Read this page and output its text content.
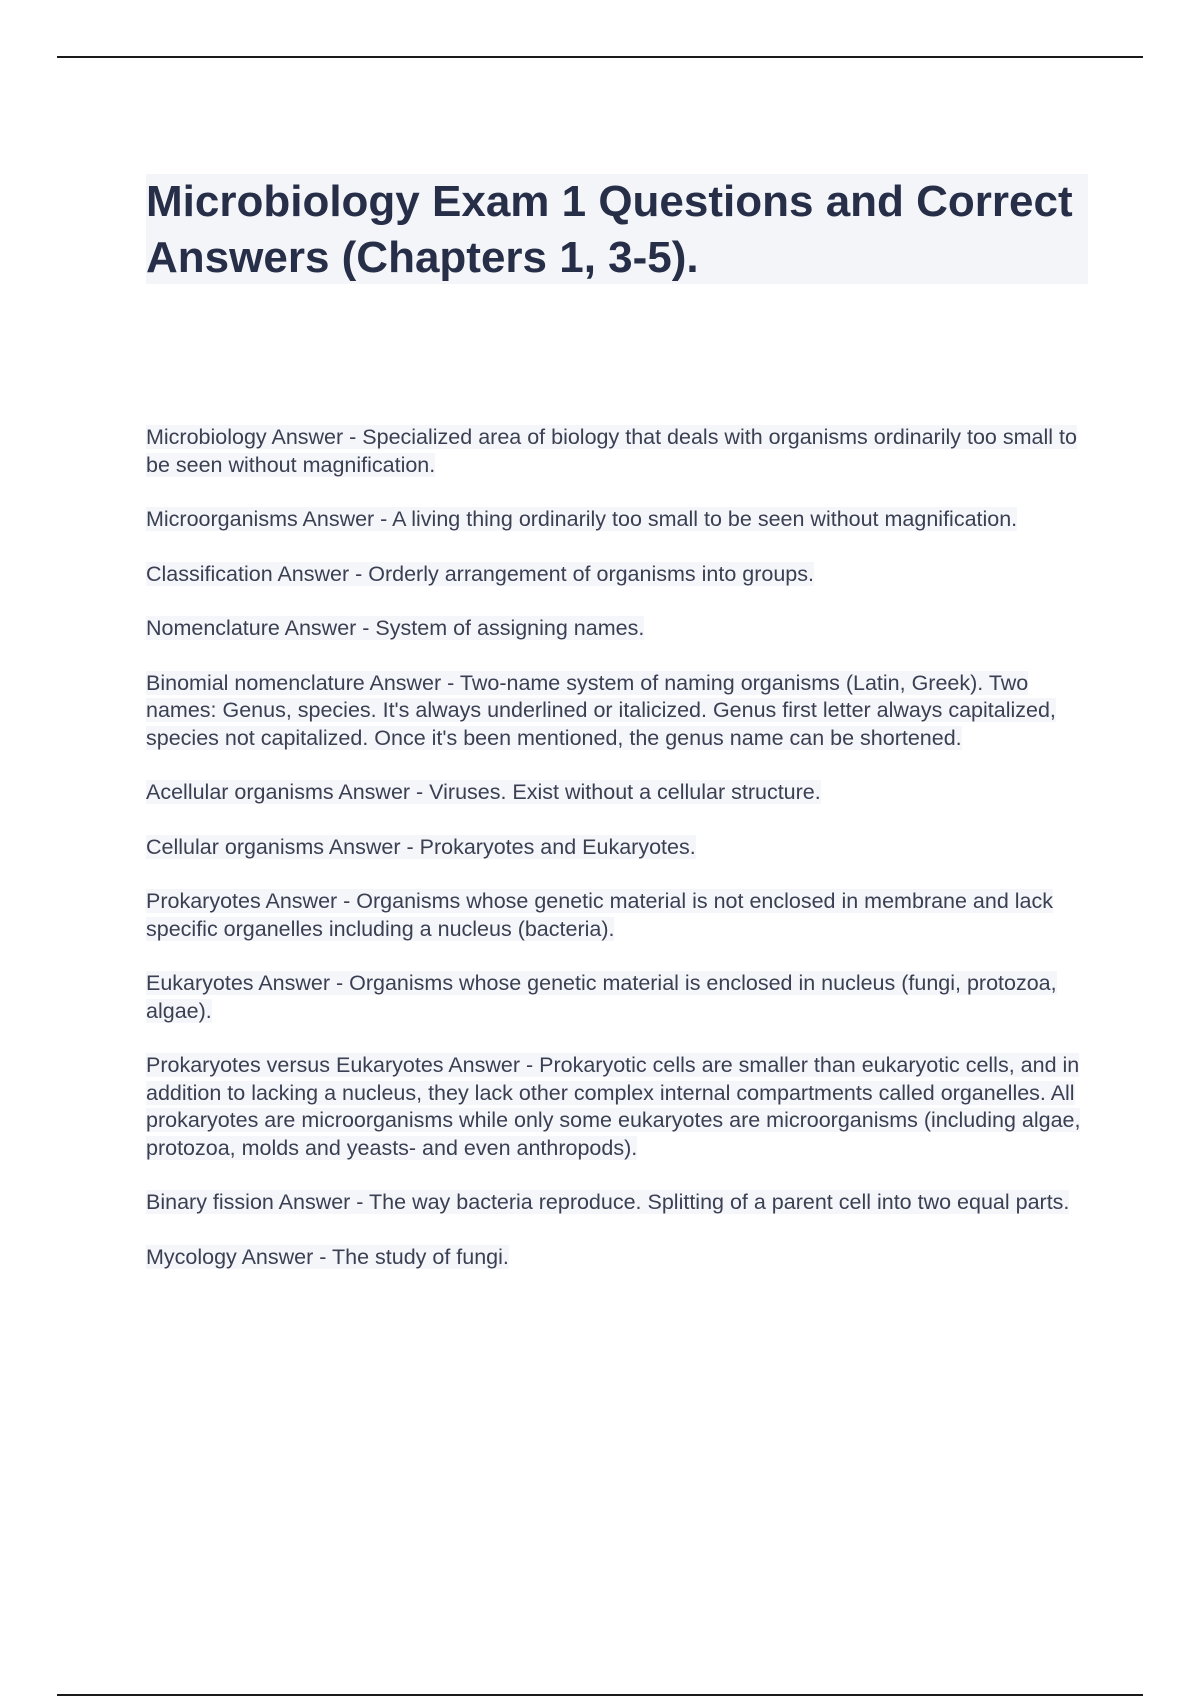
Microbiology Exam 1 Questions and Correct Answers (Chapters 1, 3-5).

Microbiology Answer - Specialized area of biology that deals with organisms ordinarily too small to be seen without magnification.

Microorganisms Answer - A living thing ordinarily too small to be seen without magnification.

Classification Answer - Orderly arrangement of organisms into groups.

Nomenclature Answer - System of assigning names.

Binomial nomenclature Answer - Two-name system of naming organisms (Latin, Greek). Two names: Genus, species. It's always underlined or italicized. Genus first letter always capitalized, species not capitalized. Once it's been mentioned, the genus name can be shortened.

Acellular organisms Answer - Viruses. Exist without a cellular structure.

Cellular organisms Answer - Prokaryotes and Eukaryotes.

Prokaryotes Answer - Organisms whose genetic material is not enclosed in membrane and lack specific organelles including a nucleus (bacteria).

Eukaryotes Answer - Organisms whose genetic material is enclosed in nucleus (fungi, protozoa, algae).

Prokaryotes versus Eukaryotes Answer - Prokaryotic cells are smaller than eukaryotic cells, and in addition to lacking a nucleus, they lack other complex internal compartments called organelles. All prokaryotes are microorganisms while only some eukaryotes are microorganisms (including algae, protozoa, molds and yeasts- and even anthropods).

Binary fission Answer - The way bacteria reproduce. Splitting of a parent cell into two equal parts.

Mycology Answer - The study of fungi.
